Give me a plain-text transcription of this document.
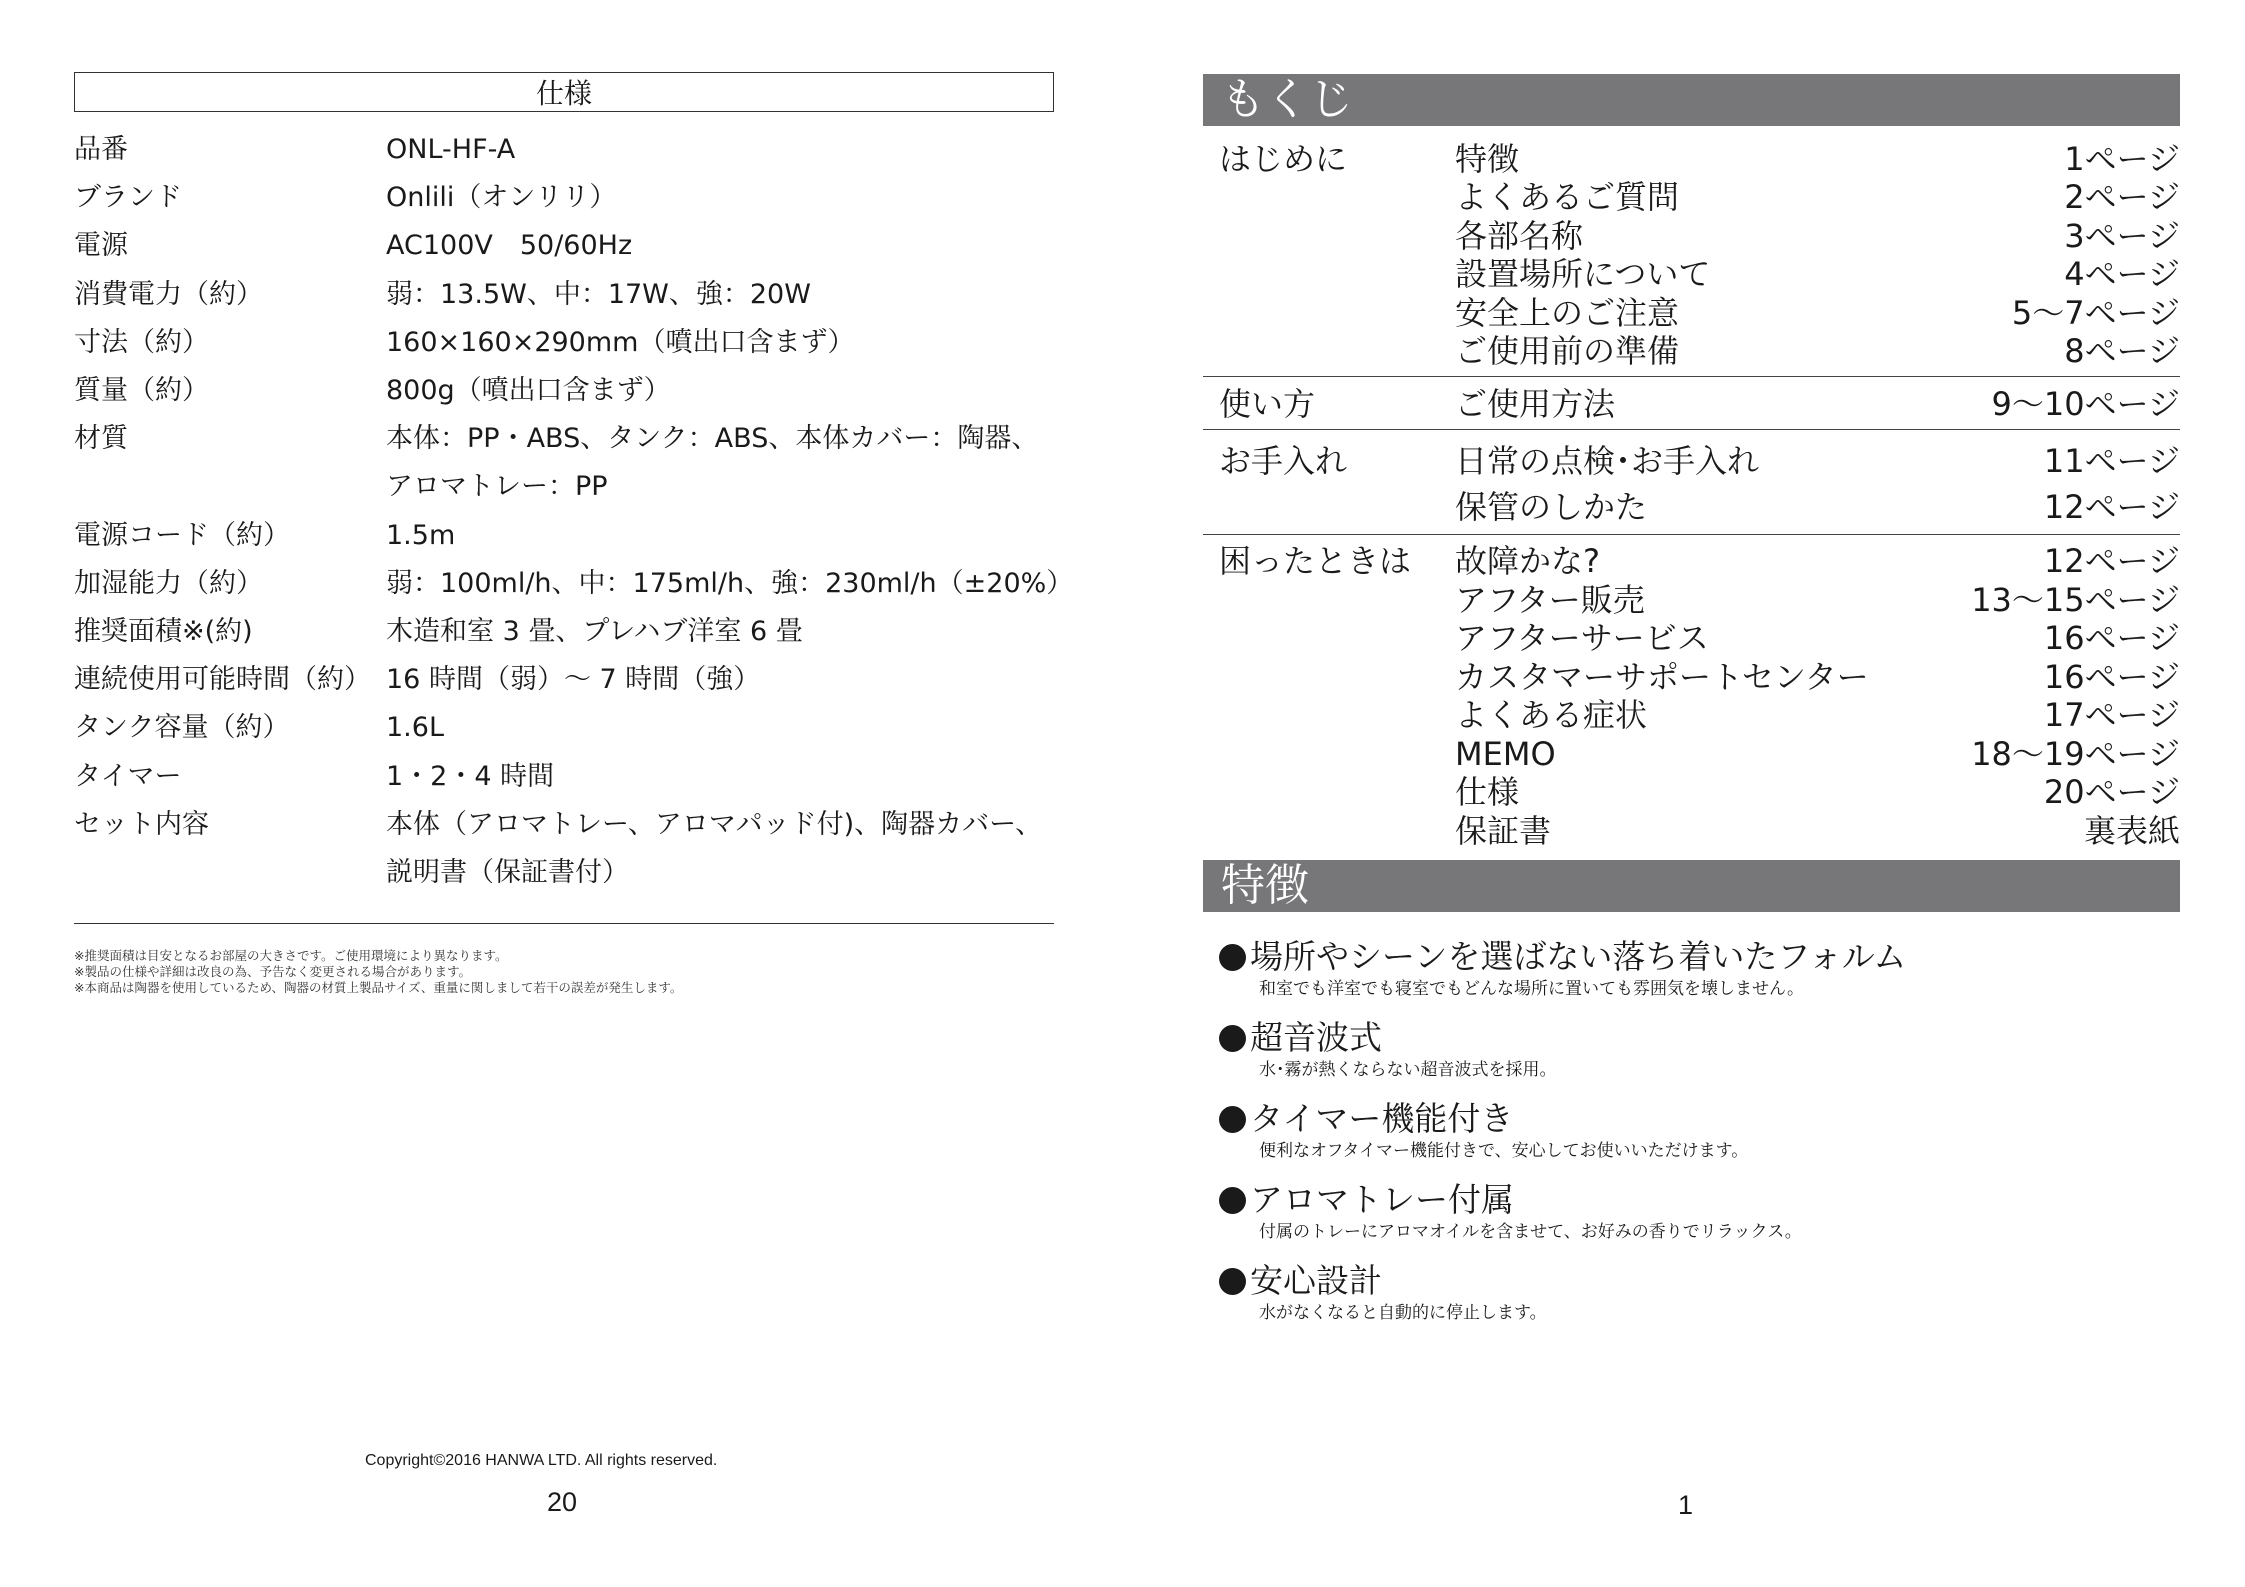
仕様
品番	ONL-HF-A
ブランド	Onlili（オンリリ）
電源	AC100V　50/60Hz
消費電力（約）	弱：13.5W、中：17W、強：20W
寸法（約）	160×160×290mm（噴出口含まず）
質量（約）	800g（噴出口含まず）
材質	本体：PP・ABS、タンク：ABS、本体カバー：陶器、
アロマトレー：PP
電源コード（約）	1.5m
加湿能力（約）	弱：100ml/h、中：175ml/h、強：230ml/h（±20%）
推奨面積※(約)	木造和室 3 畳、プレハブ洋室 6 畳
連続使用可能時間（約） 16 時間（弱）～ 7 時間（強）
タンク容量（約）	1.6L
タイマー	1・2・4 時間
セット内容	本体（アロマトレー、アロマパッド付)、陶器カバー、
説明書（保証書付）
※推奨面積は目安となるお部屋の大きさです。ご使用環境により異なります。
※製品の仕様や詳細は改良の為、予告なく変更される場合があります。
※本商品は陶器を使用しているため、陶器の材質上製品サイズ、重量に関しまして若干の誤差が発生します。
Copyright©2016 HANWA LTD. All rights reserved.
20	1
もくじ
はじめに	特徴	1ページ
よくあるご質問	2ページ
各部名称	3ページ
設置場所について	4ページ
安全上のご注意	5～7ページ
ご使用前の準備	8ページ
使い方	ご使用方法	9～10ページ
お手入れ	日常の点検･お手入れ	11ページ
保管のしかた	12ページ
困ったときは	故障かな?	12ページ
アフター販売	13～15ページ
アフターサービス	16ページ
カスタマーサポートセンター	16ページ
よくある症状	17ページ
MEMO	18～19ページ
仕様	20ページ
保証書	裏表紙
特徴
場所やシーンを選ばない落ち着いたフォルム
和室でも洋室でも寝室でもどんな場所に置いても雰囲気を壊しません。
超音波式
水･霧が熱くならない超音波式を採用。
タイマー機能付き
便利なオフタイマー機能付きで、安心してお使いいただけます。
アロマトレー付属
付属のトレーにアロマオイルを含ませて、お好みの香りでリラックス。
安心設計
水がなくなると自動的に停止します。
